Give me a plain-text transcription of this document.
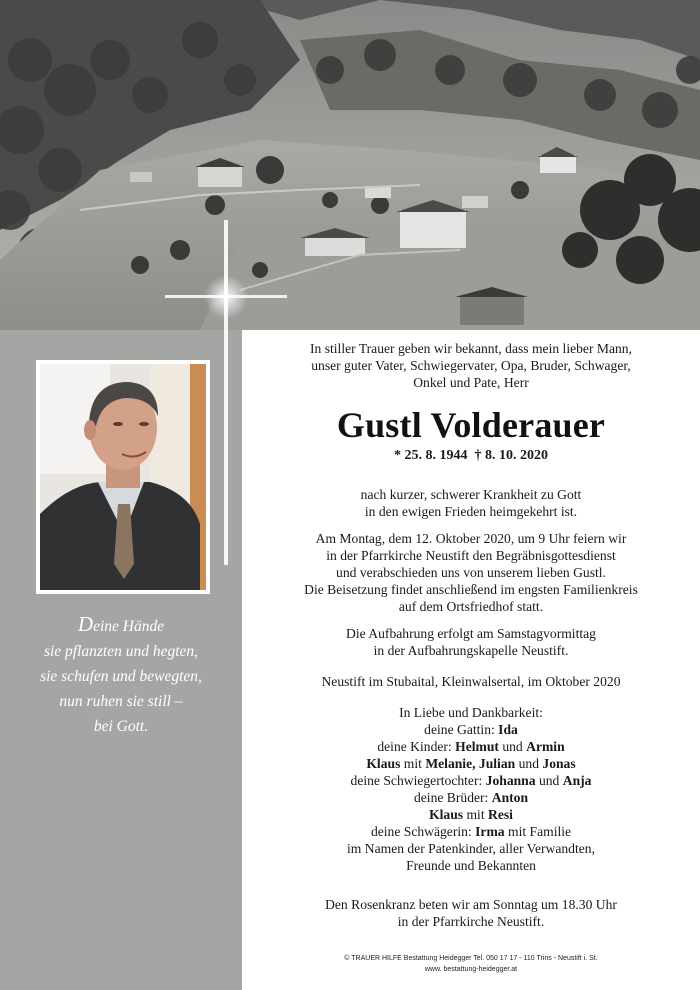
Deine Hände
sie pflanzten und hegten,
sie schufen und bewegten,
nun ruhen sie still –
bei Gott.
In stiller Trauer geben wir bekannt, dass mein lieber Mann,
unser guter Vater, Schwiegervater, Opa, Bruder, Schwager,
Onkel und Pate, Herr
Gustl Volderauer
* 25. 8. 1944 † 8. 10. 2020
nach kurzer, schwerer Krankheit zu Gott
in den ewigen Frieden heimgekehrt ist.
Am Montag, dem 12. Oktober 2020, um 9 Uhr feiern wir
in der Pfarrkirche Neustift den Begräbnisgottesdienst
und verabschieden uns von unserem lieben Gustl.
Die Beisetzung findet anschließend im engsten Familienkreis
auf dem Ortsfriedhof statt.
Die Aufbahrung erfolgt am Samstagvormittag
in der Aufbahrungskapelle Neustift.
Neustift im Stubaital, Kleinwalsertal, im Oktober 2020
In Liebe und Dankbarkeit:
deine Gattin: Ida
deine Kinder: Helmut und Armin
Klaus mit Melanie, Julian und Jonas
deine Schwiegertochter: Johanna und Anja
deine Brüder: Anton
Klaus mit Resi
deine Schwägerin: Irma mit Familie
im Namen der Patenkinder, aller Verwandten,
Freunde und Bekannten
Den Rosenkranz beten wir am Sonntag um 18.30 Uhr
in der Pfarrkirche Neustift.
© TRAUER HILFE Bestattung Heidegger Tel. 050 17 17 - 110 Trins - Neustift i. St.
www. bestattung-heidegger.at
